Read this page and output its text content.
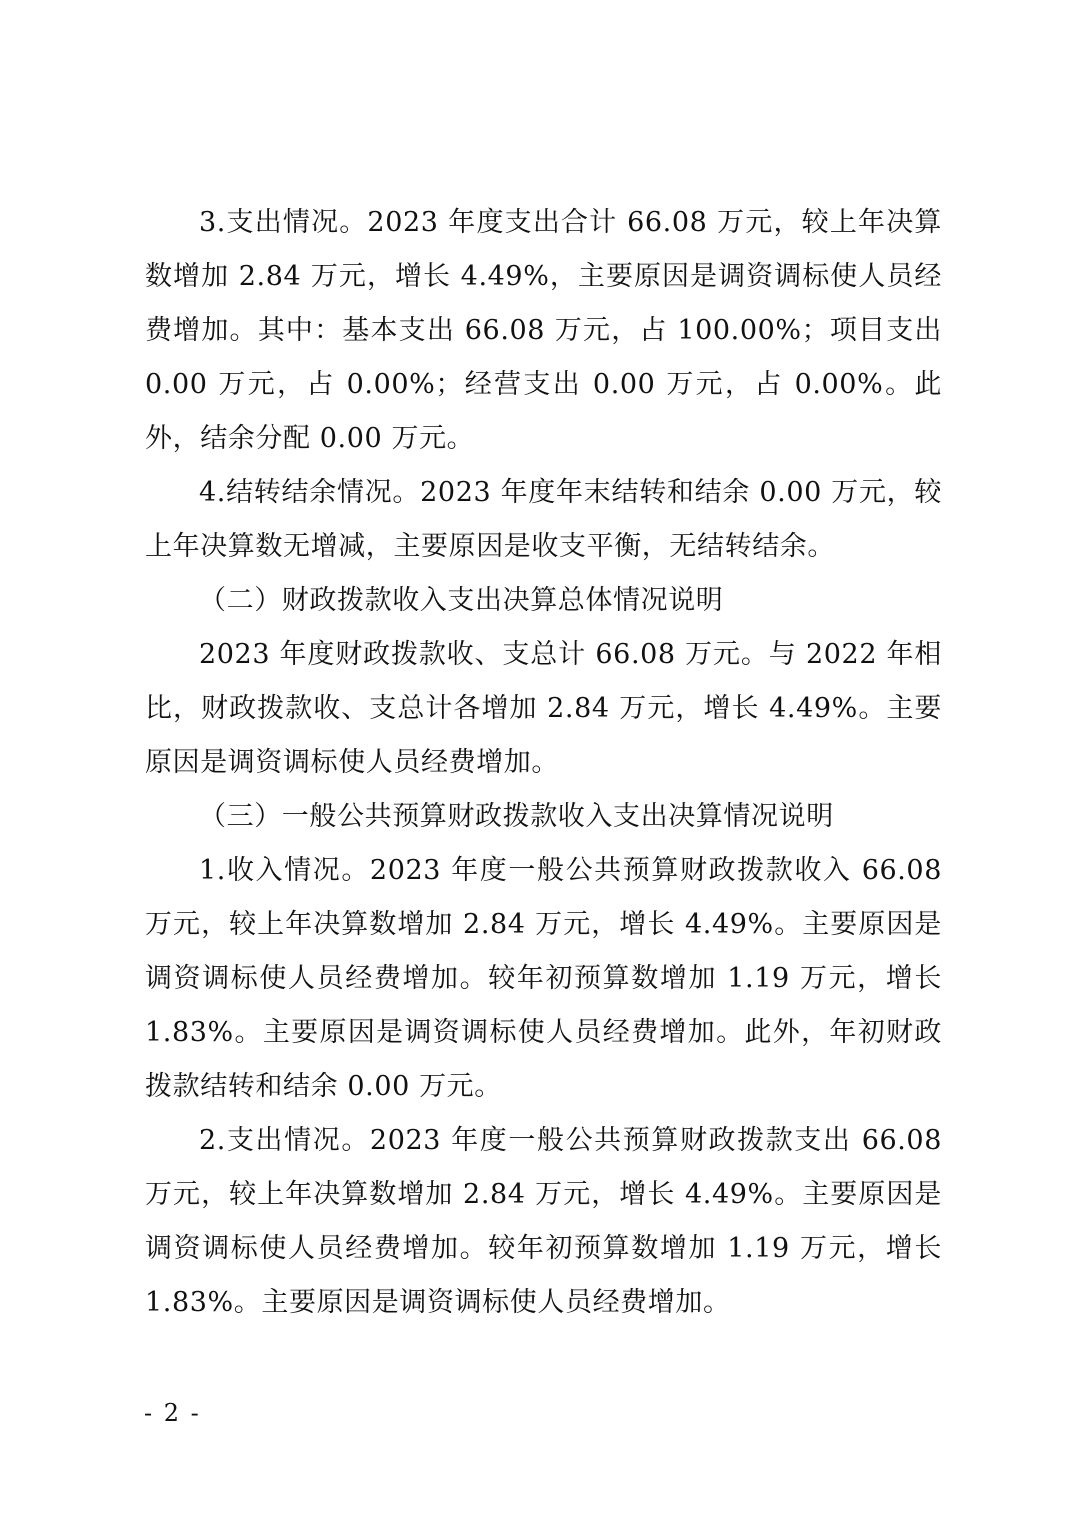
3.支出情况。2023 年度支出合计 66.08 万元，较上年决算数增加 2.84 万元，增长 4.49%，主要原因是调资调标使人员经费增加。其中：基本支出 66.08 万元，占 100.00%；项目支出 0.00 万元，占 0.00%；经营支出 0.00 万元，占 0.00%。此外，结余分配 0.00 万元。

4.结转结余情况。2023 年度年末结转和结余 0.00 万元，较上年决算数无增减，主要原因是收支平衡，无结转结余。

（二）财政拨款收入支出决算总体情况说明

2023 年度财政拨款收、支总计 66.08 万元。与 2022 年相比，财政拨款收、支总计各增加 2.84 万元，增长 4.49%。主要原因是调资调标使人员经费增加。

（三）一般公共预算财政拨款收入支出决算情况说明

1.收入情况。2023 年度一般公共预算财政拨款收入 66.08 万元，较上年决算数增加 2.84 万元，增长 4.49%。主要原因是调资调标使人员经费增加。较年初预算数增加 1.19 万元，增长 1.83%。主要原因是调资调标使人员经费增加。此外，年初财政拨款结转和结余 0.00 万元。

2.支出情况。2023 年度一般公共预算财政拨款支出 66.08 万元，较上年决算数增加 2.84 万元，增长 4.49%。主要原因是调资调标使人员经费增加。较年初预算数增加 1.19 万元，增长 1.83%。主要原因是调资调标使人员经费增加。

- 2 -
